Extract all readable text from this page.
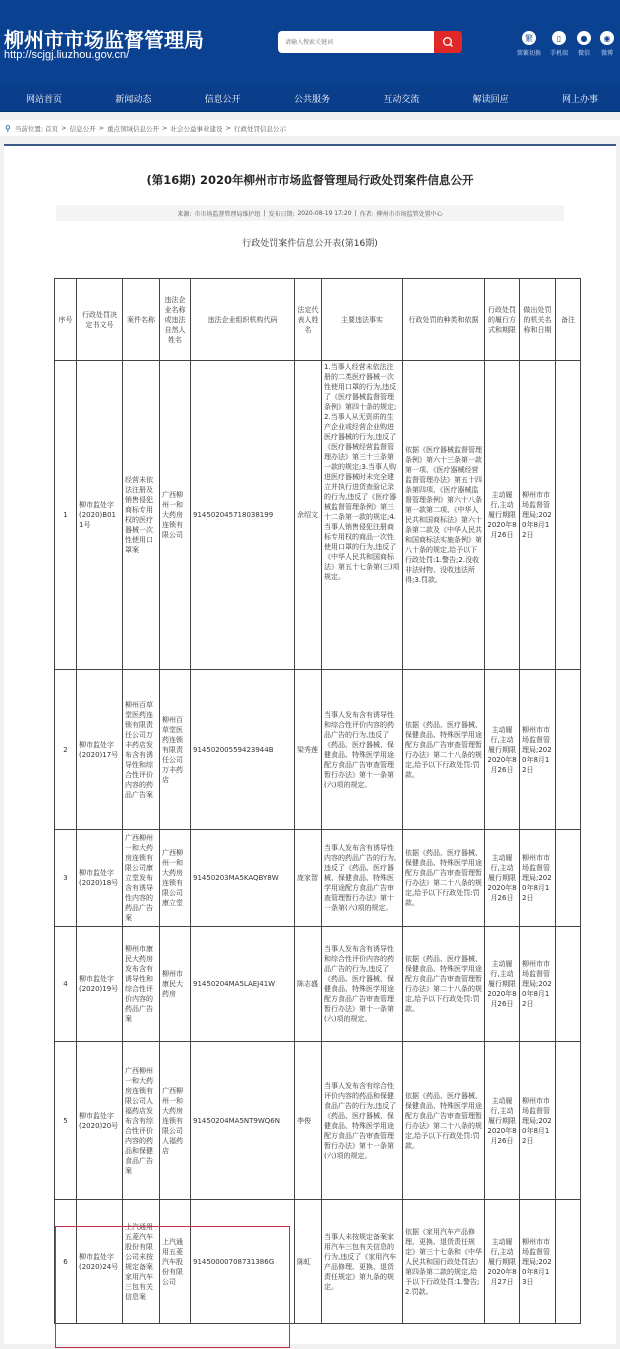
柳州市市场监督管理局
http://scjgj.liuzhou.gov.cn/
请输入搜索关键词
繁
简繁切换
▯
手机端
●
微信
◉
微博
网站首页	新闻动态	信息公开	公共服务	互动交流	解读回应	网上办事
⚲ 当前位置:
首页 > 信息公开 > 重点领域信息公开 > 社会公益事业建设 > 行政处罚信息公示
(第16期) 2020年柳州市市场监督管理局行政处罚案件信息公开
来源: 市市场监督管理局维护组 | 发布日期: 2020-08-19 17:20 | 作者: 柳州市市场监管处置中心
行政处罚案件信息公开表(第16期)
序号	行政处罚决定书文号	案件名称	违法企业名称或违法自然人姓名	违法企业组织机构代码	法定代表人姓名	主要违法事实	行政处罚的种类和依据	行政处罚的履行方式和期限	做出处罚的机关名称和日期	备注
1	柳市监处字(2020)B011号	经营未依法注册及销售侵犯商标专用权的医疗器械一次性使用口罩案	广西柳州一和大药房连锁有限公司	914502045718038199	余绍文	1.当事人经营未依法注册的二类医疗器械一次性使用口罩的行为,违反了《医疗器械监督管理条例》第四十条的规定;2.当事人从无资质的生产企业或经营企业购进医疗器械的行为,违反了《医疗器械经营监督管理办法》第三十三条第一款的规定;3.当事人购进医疗器械时未完全建立并执行进货查验记录的行为,违反了《医疗器械监督管理条例》第三十二条第一款的规定;4.当事人销售侵犯注册商标专用权的商品一次性使用口罩的行为,违反了《中华人民共和国商标法》第五十七条第(三)项规定。	依据《医疗器械监督管理条例》第六十三条第一款第一项、《医疗器械经营监督管理办法》第五十四条第四项、《医疗器械监督管理条例》第六十八条第一款第二项、《中华人民共和国商标法》第六十条第二款及《中华人民共和国商标法实施条例》第八十条的规定,给予以下行政处罚:1.警告;2.没收非法财物、没收违法所得;3.罚款。	主动履行,主动履行期限2020年8月26日	柳州市市场监督管理局;2020年8月12日	
2	柳市监处字(2020)17号	柳州百草堂医药连锁有限责任公司万丰药店发布含有诱导性和综合性评价内容的药品广告案	柳州百草堂医药连锁有限责任公司万丰药店	91450200559423944B	梁秀莲	当事人发布含有诱导性和综合性评价内容的药品广告的行为,违反了《药品、医疗器械、保健食品、特殊医学用途配方食品广告审查管理暂行办法》第十一条第(六)项的规定。	依据《药品、医疗器械、保健食品、特殊医学用途配方食品广告审查管理暂行办法》第二十八条的规定,给予以下行政处罚:罚款。	主动履行,主动履行期限2020年8月26日	柳州市市场监督管理局;2020年8月12日	
3	柳市监处字(2020)18号	广西柳州一和大药房连锁有限公司康立堂发布含有诱导性内容的药品广告案	广西柳州一和大药房连锁有限公司康立堂	91450203MA5KAQBY8W	庞家智	当事人发布含有诱导性内容的药品广告的行为,违反了《药品、医疗器械、保健食品、特殊医学用途配方食品广告审查管理暂行办法》第十一条第(六)项的规定。	依据《药品、医疗器械、保健食品、特殊医学用途配方食品广告审查管理暂行办法》第二十八条的规定,给予以下行政处罚:罚款。	主动履行,主动履行期限2020年8月26日	柳州市市场监督管理局;2020年8月12日	
4	柳市监处字(2020)19号	柳州市康民大药房发布含有诱导性和综合性评价内容的药品广告案	柳州市康民大药房	91450204MA5LAEJ41W	陈志盛	当事人发布含有诱导性和综合性评价内容的药品广告的行为,违反了《药品、医疗器械、保健食品、特殊医学用途配方食品广告审查管理暂行办法》第十一条第(六)项的规定。	依据《药品、医疗器械、保健食品、特殊医学用途配方食品广告审查管理暂行办法》第二十八条的规定,给予以下行政处罚:罚款。	主动履行,主动履行期限2020年8月26日	柳州市市场监督管理局;2020年8月12日	
5	柳市监处字(2020)20号	广西柳州一和大药房连锁有限公司人福药店发布含有综合性评价内容的药品和保健食品广告案	广西柳州一和大药房连锁有限公司人福药店	91450204MA5NT9WQ6N	李俊	当事人发布含有综合性评价内容的药品和保健食品广告的行为,违反了《药品、医疗器械、保健食品、特殊医学用途配方食品广告审查管理暂行办法》第十一条第(六)项的规定。	依据《药品、医疗器械、保健食品、特殊医学用途配方食品广告审查管理暂行办法》第二十八条的规定,给予以下行政处罚:罚款。	主动履行,主动履行期限2020年8月26日	柳州市市场监督管理局;2020年8月12日	
6	柳市监处字(2020)24号	上汽通用五菱汽车股份有限公司未按规定备案家用汽车三包有关信息案	上汽通用五菱汽车股份有限公司	91450000708731386G	陈虹	当事人未按规定备案家用汽车三包有关信息的行为,违反了《家用汽车产品修理、更换、退货责任规定》第九条的规定。	依据《家用汽车产品修理、更换、退货责任规定》第三十七条和《中华人民共和国行政处罚法》第四条第二款的规定,给予以下行政处罚:1.警告;2.罚款。	主动履行,主动履行期限2020年8月27日	柳州市市场监督管理局;2020年8月13日	
